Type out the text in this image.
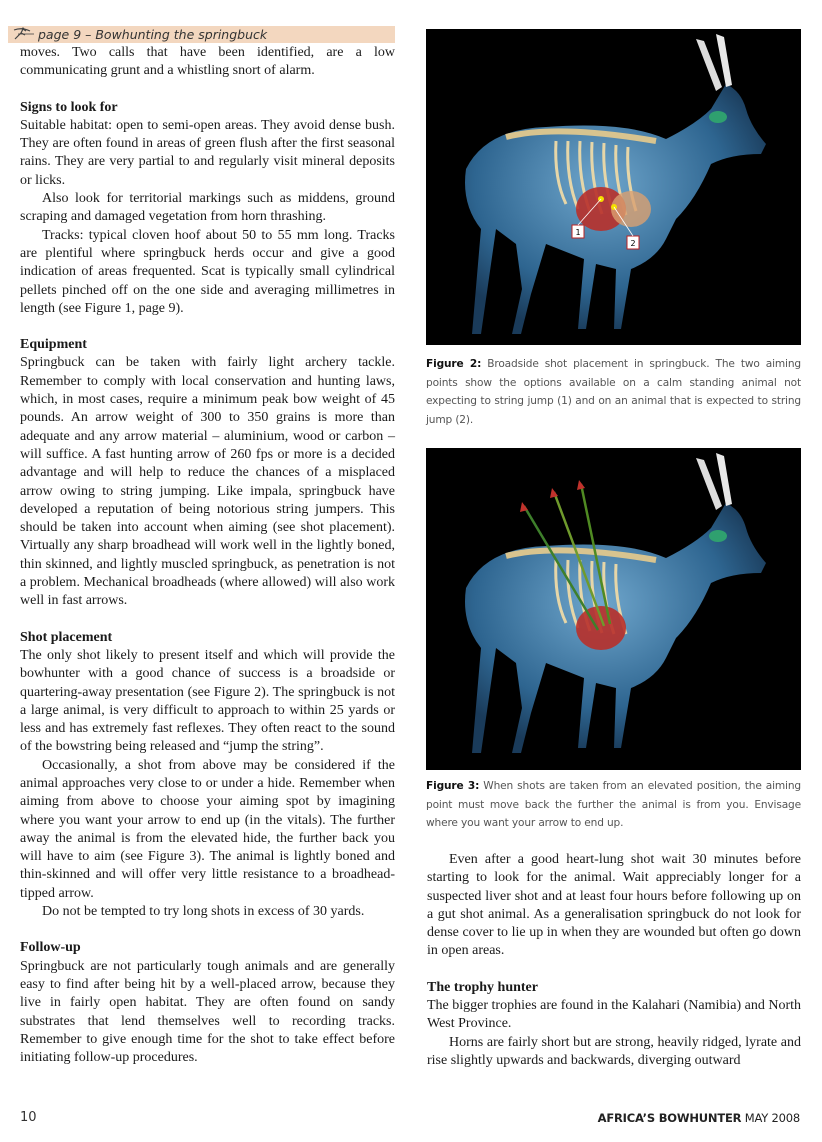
page 9 – Bowhunting the springbuck

moves. Two calls that have been identified, are a low communicating grunt and a whistling snort of alarm.

Signs to look for

Suitable habitat: open to semi-open areas. They avoid dense bush. They are often found in areas of green flush after the first seasonal rains. They are very partial to and regularly visit mineral deposits or licks.

Also look for territorial markings such as middens, ground scraping and damaged vegetation from horn thrashing.

Tracks: typical cloven hoof about 50 to 55 mm long. Tracks are plentiful where springbuck herds occur and give a good indication of areas frequented. Scat is typically small cylindrical pellets pinched off on the one side and averaging millimetres in length (see Figure 1, page 9).

Equipment

Springbuck can be taken with fairly light archery tackle. Remember to comply with local conservation and hunting laws, which, in most cases, require a minimum peak bow weight of 45 pounds. An arrow weight of 300 to 350 grains is more than adequate and any arrow material – aluminium, wood or carbon – will suffice. A fast hunting arrow of 260 fps or more is a decided advantage and will help to reduce the chances of a misplaced arrow owing to string jumping. Like impala, springbuck have developed a reputation of being notorious string jumpers. This should be taken into account when aiming (see shot placement). Virtually any sharp broadhead will work well in the lightly boned, thin skinned, and lightly muscled springbuck, as penetration is not a problem. Mechanical broadheads (where allowed) will also work well in fast arrows.

Shot placement

The only shot likely to present itself and which will provide the bowhunter with a good chance of success is a broadside or quartering-away presentation (see Figure 2). The springbuck is not a large animal, is very difficult to approach to within 25 yards or less and has extremely fast reflexes. They often react to the sound of the bowstring being released and “jump the string”.

Occasionally, a shot from above may be considered if the animal approaches very close to or under a hide. Remember when aiming from above to choose your aiming spot by imagining where you want your arrow to end up (in the vitals). The further away the animal is from the elevated hide, the further back you will have to aim (see Figure 3). The animal is lightly boned and thin-skinned and will offer very little resistance to a broadhead-tipped arrow.

Do not be tempted to try long shots in excess of 30 yards.

Follow-up

Springbuck are not particularly tough animals and are generally easy to find after being hit by a well-placed arrow, because they live in fairly open habitat. They are often found on sandy substrates that lend themselves well to recording tracks. Remember to give enough time for the shot to take effect before initiating follow-up procedures.

1
2
Figure 2: Broadside shot placement in springbuck. The two aiming points show the options available on a calm standing animal not expecting to string jump (1) and on an animal that is expected to string jump (2).
Figure 3: When shots are taken from an elevated position, the aiming point must move back the further the animal is from you. Envisage where you want your arrow to end up.

Even after a good heart-lung shot wait 30 minutes before starting to look for the animal. Wait appreciably longer for a suspected liver shot and at least four hours before following up on a gut shot animal. As a generalisation springbuck do not look for dense cover to lie up in when they are wounded but often go down in open areas.

The trophy hunter

The bigger trophies are found in the Kalahari (Namibia) and North West Province.

Horns are fairly short but are strong, heavily ridged, lyrate and rise slightly upwards and backwards, diverging outward

10	AFRICA’S BOWHUNTER MAY 2008
